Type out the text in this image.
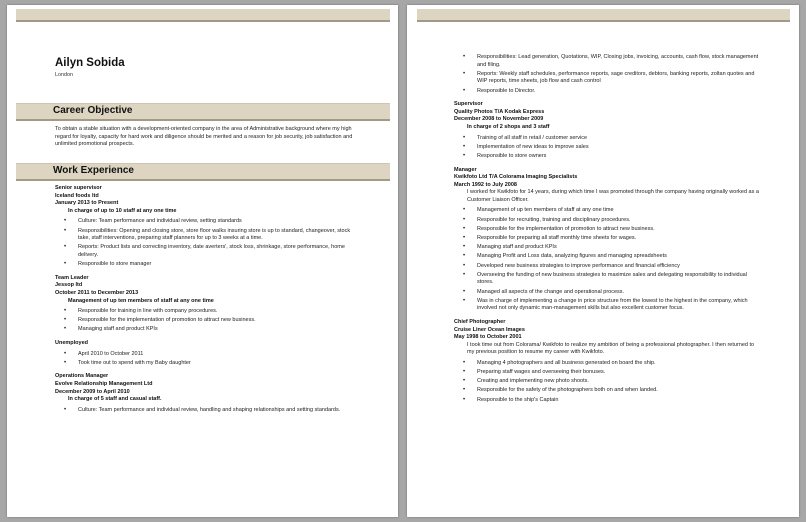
Ailyn Sobida
London
Career Objective

To obtain a stable situation with a development-oriented company in the area of Administrative background where my high regard for loyalty, capacity for hard work and diligence should be merited and a reason for job security, job satisfaction and unlimited promotional prospects.

Work Experience

Senior supervisor

Iceland foods ltd

January 2013 to Present

In charge of up to 10 staff at any one time

• Culture: Team performance and individual review, setting standards
• Responsibilities: Opening and closing store, store floor walks insuring store is up to standard, changeover, stock take, staff interventions, preparing staff planners for up to 3 weeks at a time.
• Reports: Product lists and correcting inventory, date averters', stock loss, shrinkage, store performance, home delivery.
• Responsible to store manager

Team Leader

Jessop ltd

October 2011 to December 2013

Management of up ten members of staff at any one time

• Responsible for training in line with company procedures.
• Responsible for the implementation of promotion to attract new business.
• Managing staff and product KPIs

Unemployed

• April 2010 to October 2011
• Took time out to spend with my Baby daughter

Operations Manager

Evolve Relationship Management Ltd

December 2009 to April 2010

In charge of 5 staff and casual staff.

• Culture: Team performance and individual review, handling and shaping relationships and setting standards.
• Responsibilities: Lead generation, Quotations, WIP, Closing jobs, invoicing, accounts, cash flow, stock management and filing.
• Reports: Weekly staff schedules, performance reports, sage creditors, debtors, banking reports, zoltan quotes and WIP reports, time sheets, job flow and cash control
• Responsible to Director.

Supervisor

Quality Photos T/A Kodak Express

December 2008 to November 2009

In charge of 2 shops and 3 staff

• Training of all staff in retail / customer service
• Implementation of new ideas to improve sales
• Responsible to store owners

Manager

Kwikfoto Ltd T/A Colorama Imaging Specialists

March 1992 to July 2008

I worked for Kwikfoto for 14 years, during which time I was promoted through the company having originally worked as a Customer Liaison Officer.

• Management of up ten members of staff at any one time
• Responsible for recruiting, training and disciplinary procedures.
• Responsible for the implementation of promotion to attract new business.
• Responsible for preparing all staff monthly time sheets for wages.
• Managing staff and product KPIs
• Managing Profit and Loss data, analyzing figures and managing spreadsheets
• Developed new business strategies to improve performance and financial efficiency
• Overseeing the funding of new business strategies to maximize sales and delegating responsibility to individual stores.
• Managed all aspects of the change and operational process.
• Was in charge of implementing a change in price structure from the lowest to the highest in the company, which involved not only dynamic man-management skills but also excellent customer focus.

Chief Photographer

Cruise Liner Ocean Images

May 1998 to October 2001

I took time out from Colorama/ Kwikfoto to realize my ambition of being a professional photographer. I then returned to my previous position to resume my career with Kwikfoto.

• Managing 4 photographers and all business generated on board the ship.
• Preparing staff wages and overseeing their bonuses.
• Creating and implementing new photo shoots.
• Responsible for the safety of the photographers both on and when landed.
• Responsible to the ship's Captain
